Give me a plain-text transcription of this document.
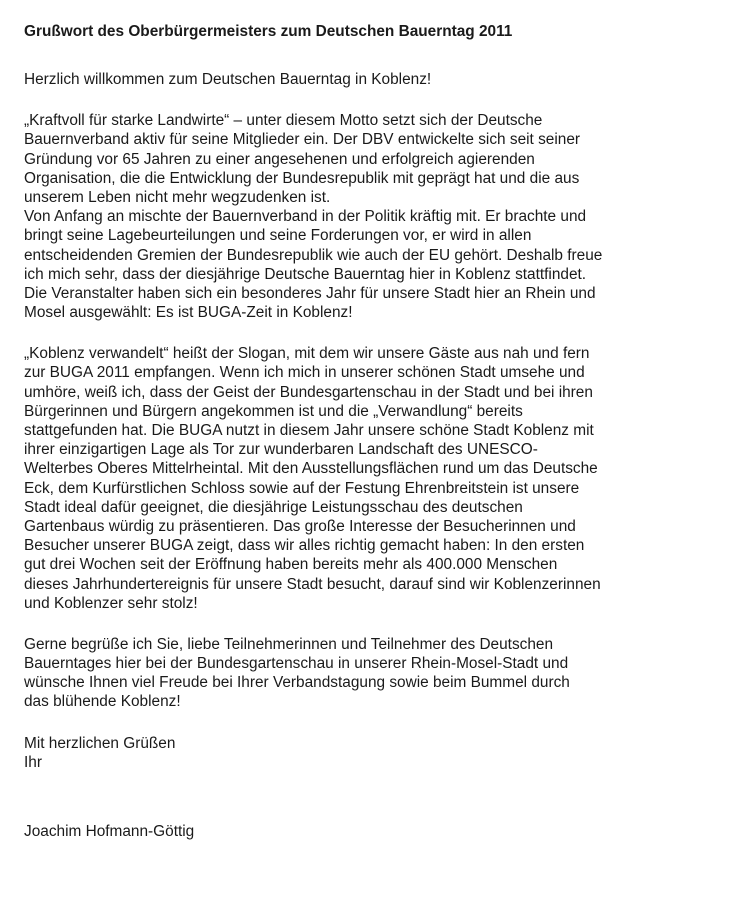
Grußwort des Oberbürgermeisters zum Deutschen Bauerntag 2011
Herzlich willkommen zum Deutschen Bauerntag in Koblenz!
„Kraftvoll für starke Landwirte“ – unter diesem Motto setzt sich der Deutsche
Bauernverband aktiv für seine Mitglieder ein. Der DBV entwickelte sich seit seiner
Gründung vor 65 Jahren zu einer angesehenen und erfolgreich agierenden
Organisation, die die Entwicklung der Bundesrepublik mit geprägt hat und die aus
unserem Leben nicht mehr wegzudenken ist.
Von Anfang an mischte der Bauernverband in der Politik kräftig mit. Er brachte und
bringt seine Lagebeurteilungen und seine Forderungen vor, er wird in allen
entscheidenden Gremien der Bundesrepublik wie auch der EU gehört. Deshalb freue
ich mich sehr, dass der diesjährige Deutsche Bauerntag hier in Koblenz stattfindet.
Die Veranstalter haben sich ein besonderes Jahr für unsere Stadt hier an Rhein und
Mosel ausgewählt: Es ist BUGA-Zeit in Koblenz!
„Koblenz verwandelt“ heißt der Slogan, mit dem wir unsere Gäste aus nah und fern
zur BUGA 2011 empfangen. Wenn ich mich in unserer schönen Stadt umsehe und
umhöre, weiß ich, dass der Geist der Bundesgartenschau in der Stadt und bei ihren
Bürgerinnen und Bürgern angekommen ist und die „Verwandlung“ bereits
stattgefunden hat. Die BUGA nutzt in diesem Jahr unsere schöne Stadt Koblenz mit
ihrer einzigartigen Lage als Tor zur wunderbaren Landschaft des UNESCO-
Welterbes Oberes Mittelrheintal. Mit den Ausstellungsflächen rund um das Deutsche
Eck, dem Kurfürstlichen Schloss sowie auf der Festung Ehrenbreitstein ist unsere
Stadt ideal dafür geeignet, die diesjährige Leistungsschau des deutschen
Gartenbaus würdig zu präsentieren. Das große Interesse der Besucherinnen und
Besucher unserer BUGA zeigt, dass wir alles richtig gemacht haben: In den ersten
gut drei Wochen seit der Eröffnung haben bereits mehr als 400.000 Menschen
dieses Jahrhundertereignis für unsere Stadt besucht, darauf sind wir Koblenzerinnen
und Koblenzer sehr stolz!
Gerne begrüße ich Sie, liebe Teilnehmerinnen und Teilnehmer des Deutschen
Bauerntages hier bei der Bundesgartenschau in unserer Rhein-Mosel-Stadt und
wünsche Ihnen viel Freude bei Ihrer Verbandstagung sowie beim Bummel durch
das blühende Koblenz!
Mit herzlichen Grüßen
Ihr
Joachim Hofmann-Göttig
